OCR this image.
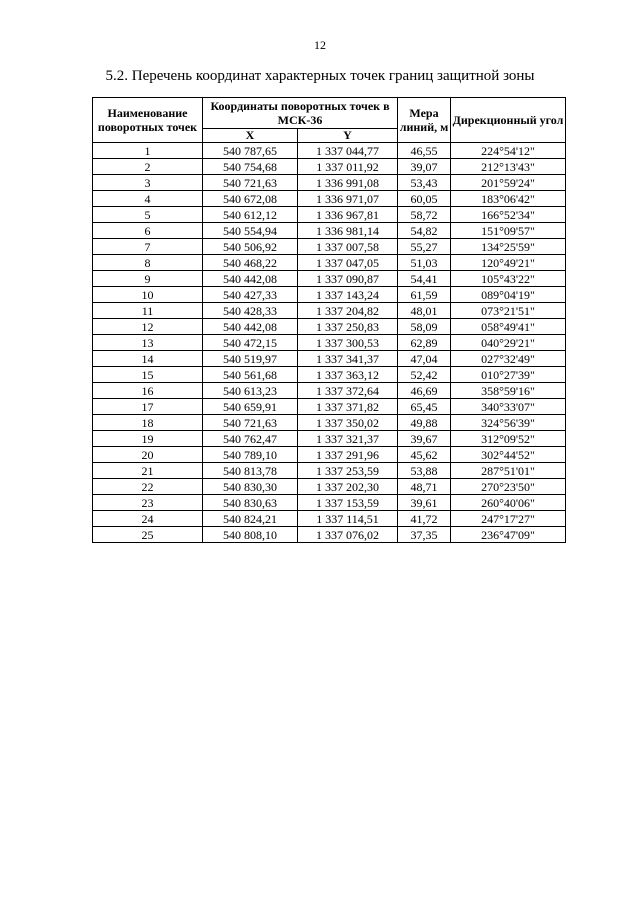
12
5.2. Перечень координат характерных точек границ защитной зоны
Наименование поворотных точек	Координаты поворотных точек в МСК-36		Мера линий, м	Дирекционный угол
	X	Y		
1	540 787,65	1 337 044,77	46,55	224°54'12"
2	540 754,68	1 337 011,92	39,07	212°13'43"
3	540 721,63	1 336 991,08	53,43	201°59'24"
4	540 672,08	1 336 971,07	60,05	183°06'42"
5	540 612,12	1 336 967,81	58,72	166°52'34"
6	540 554,94	1 336 981,14	54,82	151°09'57"
7	540 506,92	1 337 007,58	55,27	134°25'59"
8	540 468,22	1 337 047,05	51,03	120°49'21"
9	540 442,08	1 337 090,87	54,41	105°43'22"
10	540 427,33	1 337 143,24	61,59	089°04'19"
11	540 428,33	1 337 204,82	48,01	073°21'51"
12	540 442,08	1 337 250,83	58,09	058°49'41"
13	540 472,15	1 337 300,53	62,89	040°29'21"
14	540 519,97	1 337 341,37	47,04	027°32'49"
15	540 561,68	1 337 363,12	52,42	010°27'39"
16	540 613,23	1 337 372,64	46,69	358°59'16"
17	540 659,91	1 337 371,82	65,45	340°33'07"
18	540 721,63	1 337 350,02	49,88	324°56'39"
19	540 762,47	1 337 321,37	39,67	312°09'52"
20	540 789,10	1 337 291,96	45,62	302°44'52"
21	540 813,78	1 337 253,59	53,88	287°51'01"
22	540 830,30	1 337 202,30	48,71	270°23'50"
23	540 830,63	1 337 153,59	39,61	260°40'06"
24	540 824,21	1 337 114,51	41,72	247°17'27"
25	540 808,10	1 337 076,02	37,35	236°47'09"
